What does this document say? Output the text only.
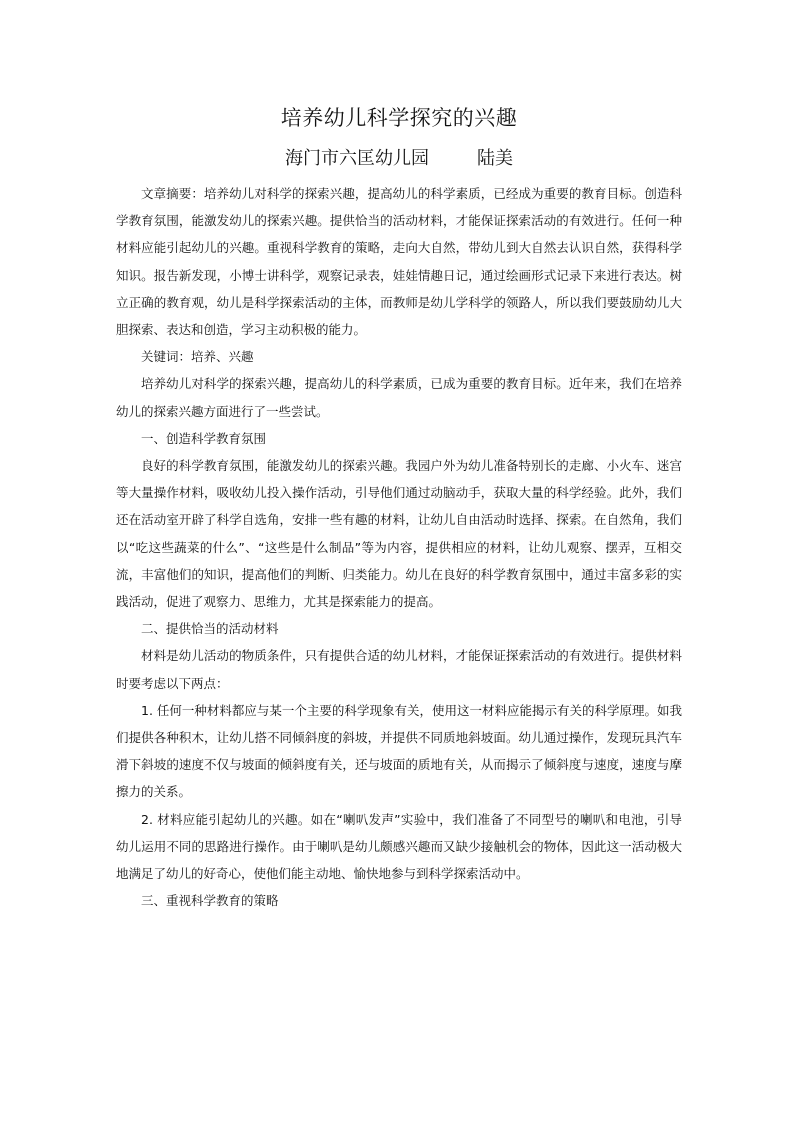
培养幼儿科学探究的兴趣
海门市六匡幼儿园	陆美

文章摘要：培养幼儿对科学的探索兴趣，提高幼儿的科学素质，已经成为重要的教育目标。创造科学教育氛围，能激发幼儿的探索兴趣。提供恰当的活动材料，才能保证探索活动的有效进行。任何一种材料应能引起幼儿的兴趣。重视科学教育的策略，走向大自然，带幼儿到大自然去认识自然，获得科学知识。报告新发现，小博士讲科学，观察记录表，娃娃情趣日记，通过绘画形式记录下来进行表达。树立正确的教育观，幼儿是科学探索活动的主体，而教师是幼儿学科学的领路人，所以我们要鼓励幼儿大胆探索、表达和创造，学习主动积极的能力。

关键词：培养、兴趣

培养幼儿对科学的探索兴趣，提高幼儿的科学素质，已成为重要的教育目标。近年来，我们在培养幼儿的探索兴趣方面进行了一些尝试。

一、创造科学教育氛围

良好的科学教育氛围，能激发幼儿的探索兴趣。我园户外为幼儿准备特别长的走廊、小火车、迷宫等大量操作材料，吸收幼儿投入操作活动，引导他们通过动脑动手，获取大量的科学经验。此外，我们还在活动室开辟了科学自选角，安排一些有趣的材料，让幼儿自由活动时选择、探索。在自然角，我们以“吃这些蔬菜的什么”、“这些是什么制品”等为内容，提供相应的材料，让幼儿观察、摆弄，互相交流，丰富他们的知识，提高他们的判断、归类能力。幼儿在良好的科学教育氛围中，通过丰富多彩的实践活动，促进了观察力、思维力，尤其是探索能力的提高。

二、提供恰当的活动材料

材料是幼儿活动的物质条件，只有提供合适的幼儿材料，才能保证探索活动的有效进行。提供材料时要考虑以下两点：

1. 任何一种材料都应与某一个主要的科学现象有关，使用这一材料应能揭示有关的科学原理。如我们提供各种积木，让幼儿搭不同倾斜度的斜坡，并提供不同质地斜坡面。幼儿通过操作，发现玩具汽车滑下斜坡的速度不仅与坡面的倾斜度有关，还与坡面的质地有关，从而揭示了倾斜度与速度，速度与摩擦力的关系。

2. 材料应能引起幼儿的兴趣。如在“喇叭发声”实验中，我们准备了不同型号的喇叭和电池，引导幼儿运用不同的思路进行操作。由于喇叭是幼儿颇感兴趣而又缺少接触机会的物体，因此这一活动极大地满足了幼儿的好奇心，使他们能主动地、愉快地参与到科学探索活动中。

三、重视科学教育的策略
